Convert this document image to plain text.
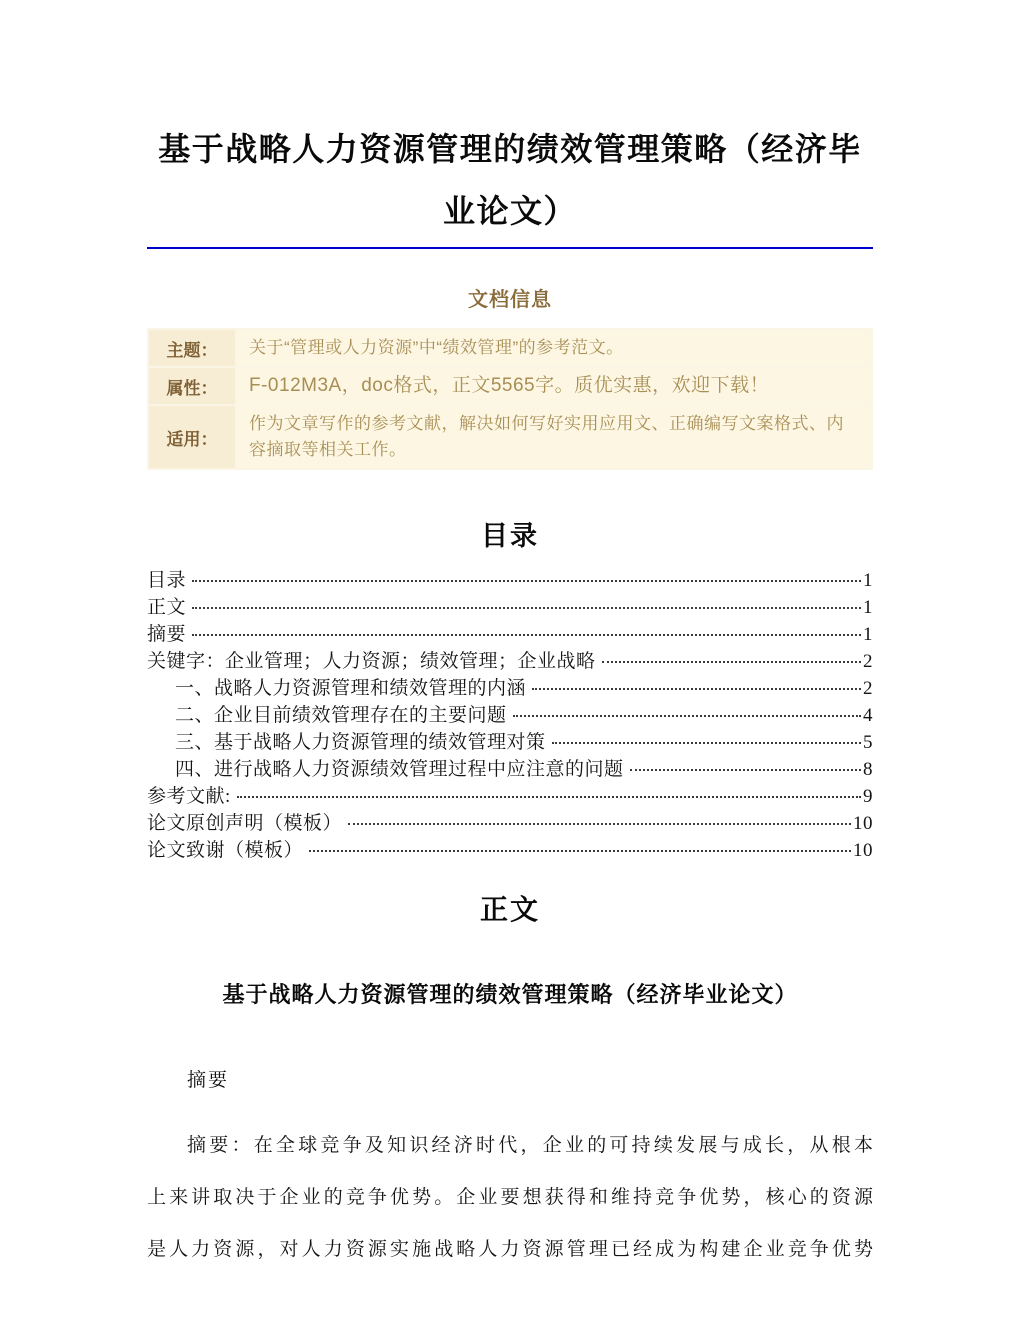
基于战略人力资源管理的绩效管理策略（经济毕业论文）
文档信息
主题：	关于“管理或人力资源”中“绩效管理”的参考范文。
属性：	F-012M3A，doc格式，正文5565字。质优实惠，欢迎下载！
适用：	作为文章写作的参考文献，解决如何写好实用应用文、正确编写文案格式、内容摘取等相关工作。
目录
目录	1
正文	1
摘要	1
关键字：企业管理；人力资源；绩效管理；企业战略	2
一、战略人力资源管理和绩效管理的内涵	2
二、企业目前绩效管理存在的主要问题	4
三、基于战略人力资源管理的绩效管理对策	5
四、进行战略人力资源绩效管理过程中应注意的问题	8
参考文献:	9
论文原创声明（模板）	10
论文致谢（模板）	10
正文
基于战略人力资源管理的绩效管理策略（经济毕业论文）
摘要
摘要：在全球竞争及知识经济时代，企业的可持续发展与成长，从根本
上来讲取决于企业的竞争优势。企业要想获得和维持竞争优势，核心的资源
是人力资源，对人力资源实施战略人力资源管理已经成为构建企业竞争优势
